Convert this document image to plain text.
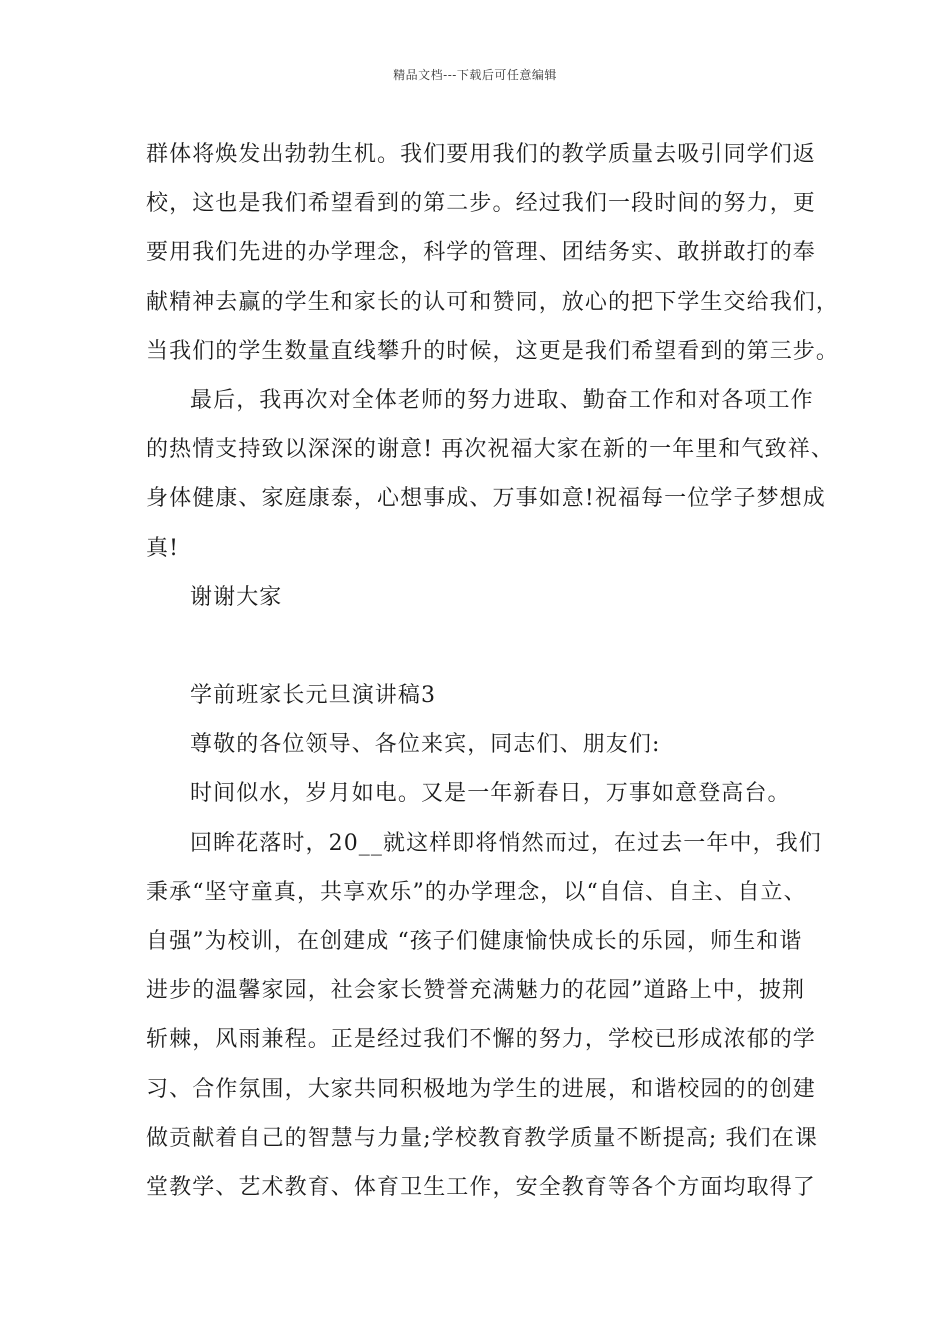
精品文档---下载后可任意编辑
群体将焕发出勃勃生机。我们要用我们的教学质量去吸引同学们返
校，这也是我们希望看到的第二步。经过我们一段时间的努力，更
要用我们先进的办学理念，科学的管理、团结务实、敢拼敢打的奉
献精神去赢的学生和家长的认可和赞同，放心的把下学生交给我们，
当我们的学生数量直线攀升的时候，这更是我们希望看到的第三步。
最后，我再次对全体老师的努力进取、勤奋工作和对各项工作
的热情支持致以深深的谢意! 再次祝福大家在新的一年里和气致祥、
身体健康、家庭康泰，心想事成、万事如意!祝福每一位学子梦想成
真!
谢谢大家
学前班家长元旦演讲稿3
尊敬的各位领导、各位来宾，同志们、朋友们:
时间似水，岁月如电。又是一年新春日，万事如意登高台。
回眸花落时，20__就这样即将悄然而过，在过去一年中，我们
秉承“坚守童真，共享欢乐”的办学理念，以“自信、自主、自立、
自强”为校训，在创建成 “孩子们健康愉快成长的乐园，师生和谐
进步的温馨家园，社会家长赞誉充满魅力的花园”道路上中，披荆
斩棘，风雨兼程。正是经过我们不懈的努力，学校已形成浓郁的学
习、合作氛围，大家共同积极地为学生的进展，和谐校园的的创建
做贡献着自己的智慧与力量;学校教育教学质量不断提高; 我们在课
堂教学、艺术教育、体育卫生工作，安全教育等各个方面均取得了
